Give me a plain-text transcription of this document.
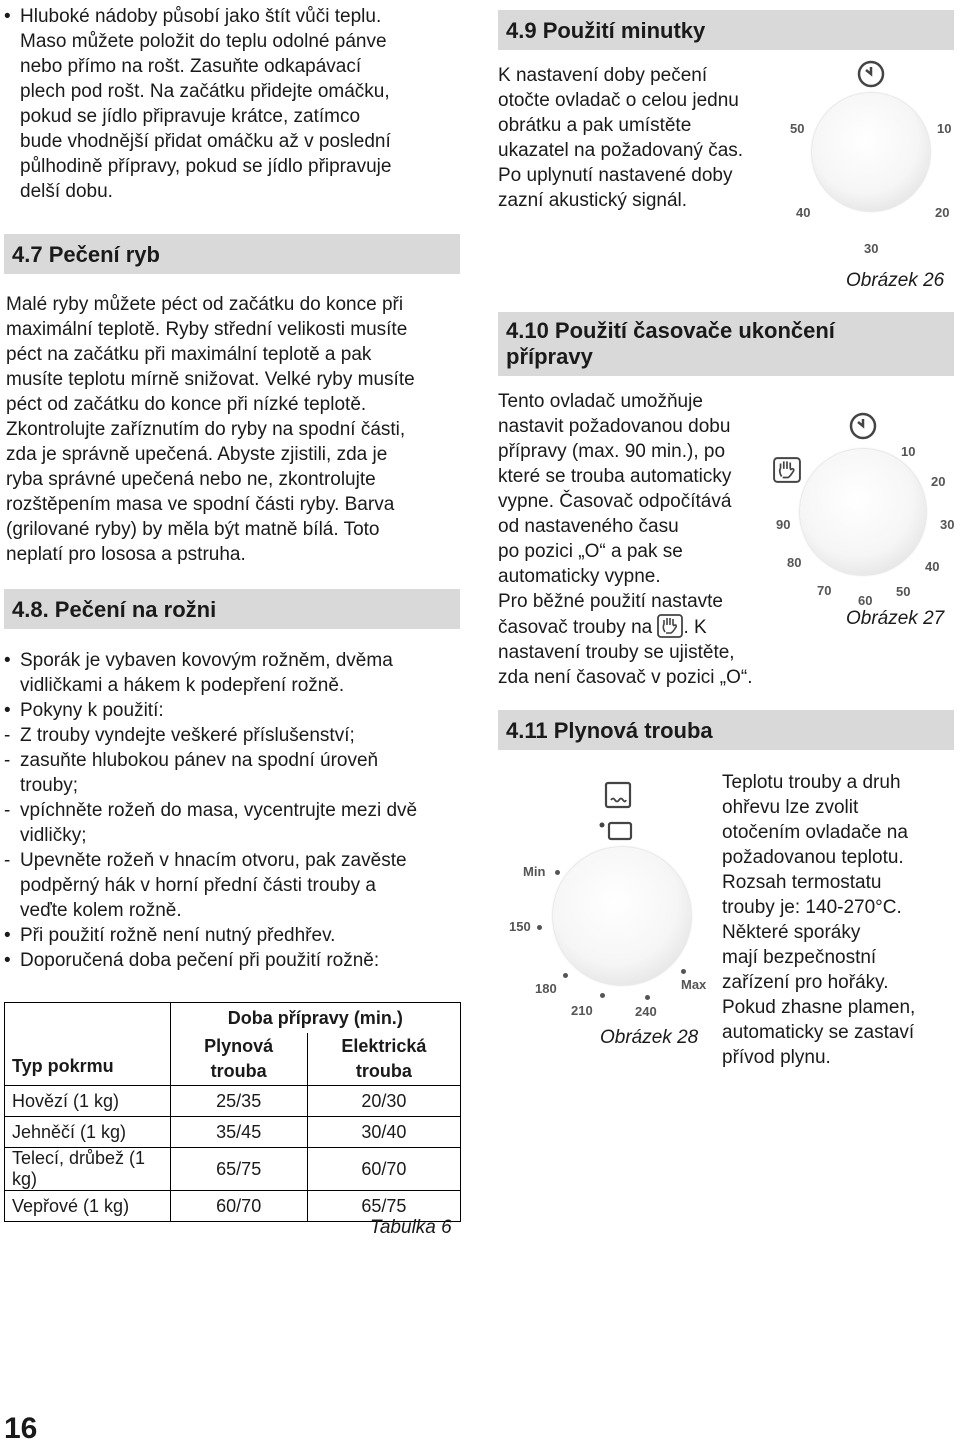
• Hluboké nádoby působí jako štít vůči teplu.
Maso můžete položit do teplu odolné pánve
nebo přímo na rošt. Zasuňte odkapávací
plech pod rošt. Na začátku přidejte omáčku,
pokud se jídlo připravuje krátce, zatímco
bude vhodnější přidat omáčku až v poslední
půlhodině přípravy, pokud se jídlo připravuje
delší dobu.
4.7 Pečení ryb
Malé ryby můžete péct od začátku do konce při
maximální teplotě. Ryby střední velikosti musíte
péct na začátku při maximální teplotě a pak
musíte teplotu mírně snižovat. Velké ryby musíte
péct od začátku do konce při nízké teplotě.
Zkontrolujte zaříznutím do ryby na spodní části,
zda je správně upečená. Abyste zjistili, zda je
ryba správné upečená nebo ne, zkontrolujte
rozštěpením masa ve spodní části ryby. Barva
(grilované ryby) by měla být matně bílá. Toto
neplatí pro lososa a pstruha.
4.8. Pečení na rožni
• Sporák je vybaven kovovým rožněm, dvěma
vidličkami a hákem k podepření rožně.
• Pokyny k použití:
- Z trouby vyndejte veškeré příslušenství;
- zasuňte hlubokou pánev na spodní úroveň
trouby;
- vpíchněte rožeň do masa, vycentrujte mezi dvě
vidličky;
- Upevněte rožeň v hnacím otvoru, pak zavěste
podpěrný hák v horní přední části trouby a
veďte kolem rožně.
• Při použití rožně není nutný předhřev.
• Doporučená doba pečení při použití rožně:
Typ pokrmu	Doba přípravy (min.)	
	Plynová trouba	Elektrická trouba
Hovězí (1 kg)	25/35	20/30
Jehněčí (1 kg)	35/45	30/40
Telecí, drůbež (1 kg)	65/75	60/70
Vepřové (1 kg)	60/70	65/75
Tabulka 6
16
4.9 Použití minutky
K nastavení doby pečení
otočte ovladač o celou jednu
obrátku a pak umístěte
ukazatel na požadovaný čas.
Po uplynutí nastavené doby
zazní akustický signál.
50	10
40	20
30
Obrázek 26
4.10 Použití časovače ukončení
přípravy
Tento ovladač umožňuje
nastavit požadovanou dobu
přípravy (max. 90 min.), po
které se trouba automaticky
vypne. Časovač odpočítává
od nastaveného času
po pozici „O“ a pak se
automaticky vypne.
Pro běžné použití nastavte
časovač trouby na . K
nastavení trouby se ujistěte,
zda není časovač v pozici „O“.
10
20
30
40
50
60
70
80
90
Obrázek 27
4.11 Plynová trouba
Min
150
180
210	240
Max
Obrázek 28
Teplotu trouby a druh
ohřevu lze zvolit
otočením ovladače na
požadovanou teplotu.
Rozsah termostatu
trouby je: 140-270°C.
Některé sporáky
mají bezpečnostní
zařízení pro hořáky.
Pokud zhasne plamen,
automaticky se zastaví
přívod plynu.
